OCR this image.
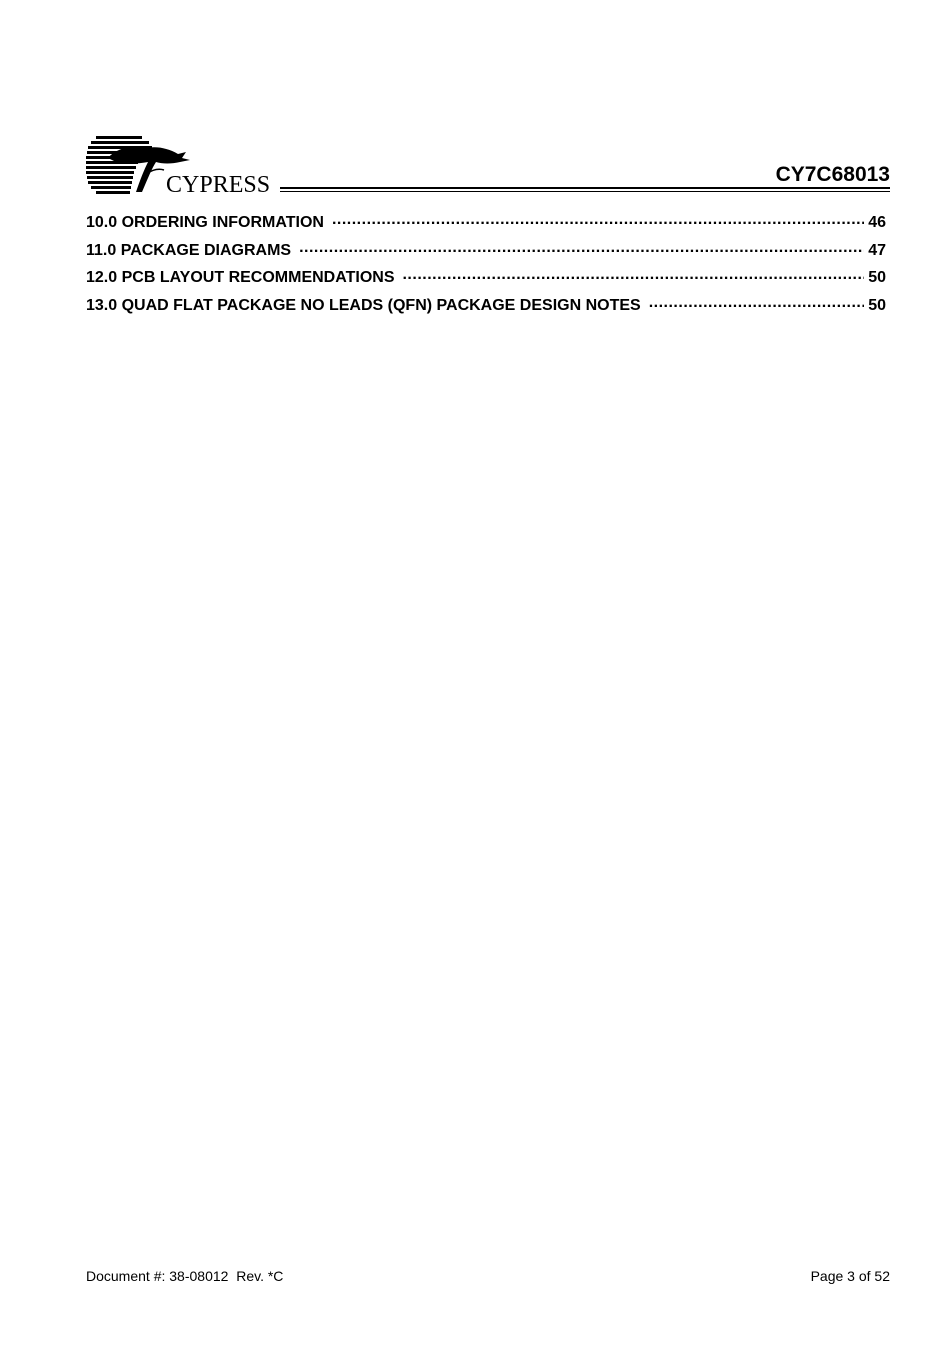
CYPRESS	CY7C68013
10.0 ORDERING INFORMATION .....	46
11.0 PACKAGE DIAGRAMS .....	47
12.0 PCB LAYOUT RECOMMENDATIONS .....	50
13.0 QUAD FLAT PACKAGE NO LEADS (QFN) PACKAGE DESIGN NOTES .....	50
Document #: 38-08012  Rev. *C	Page 3 of 52
